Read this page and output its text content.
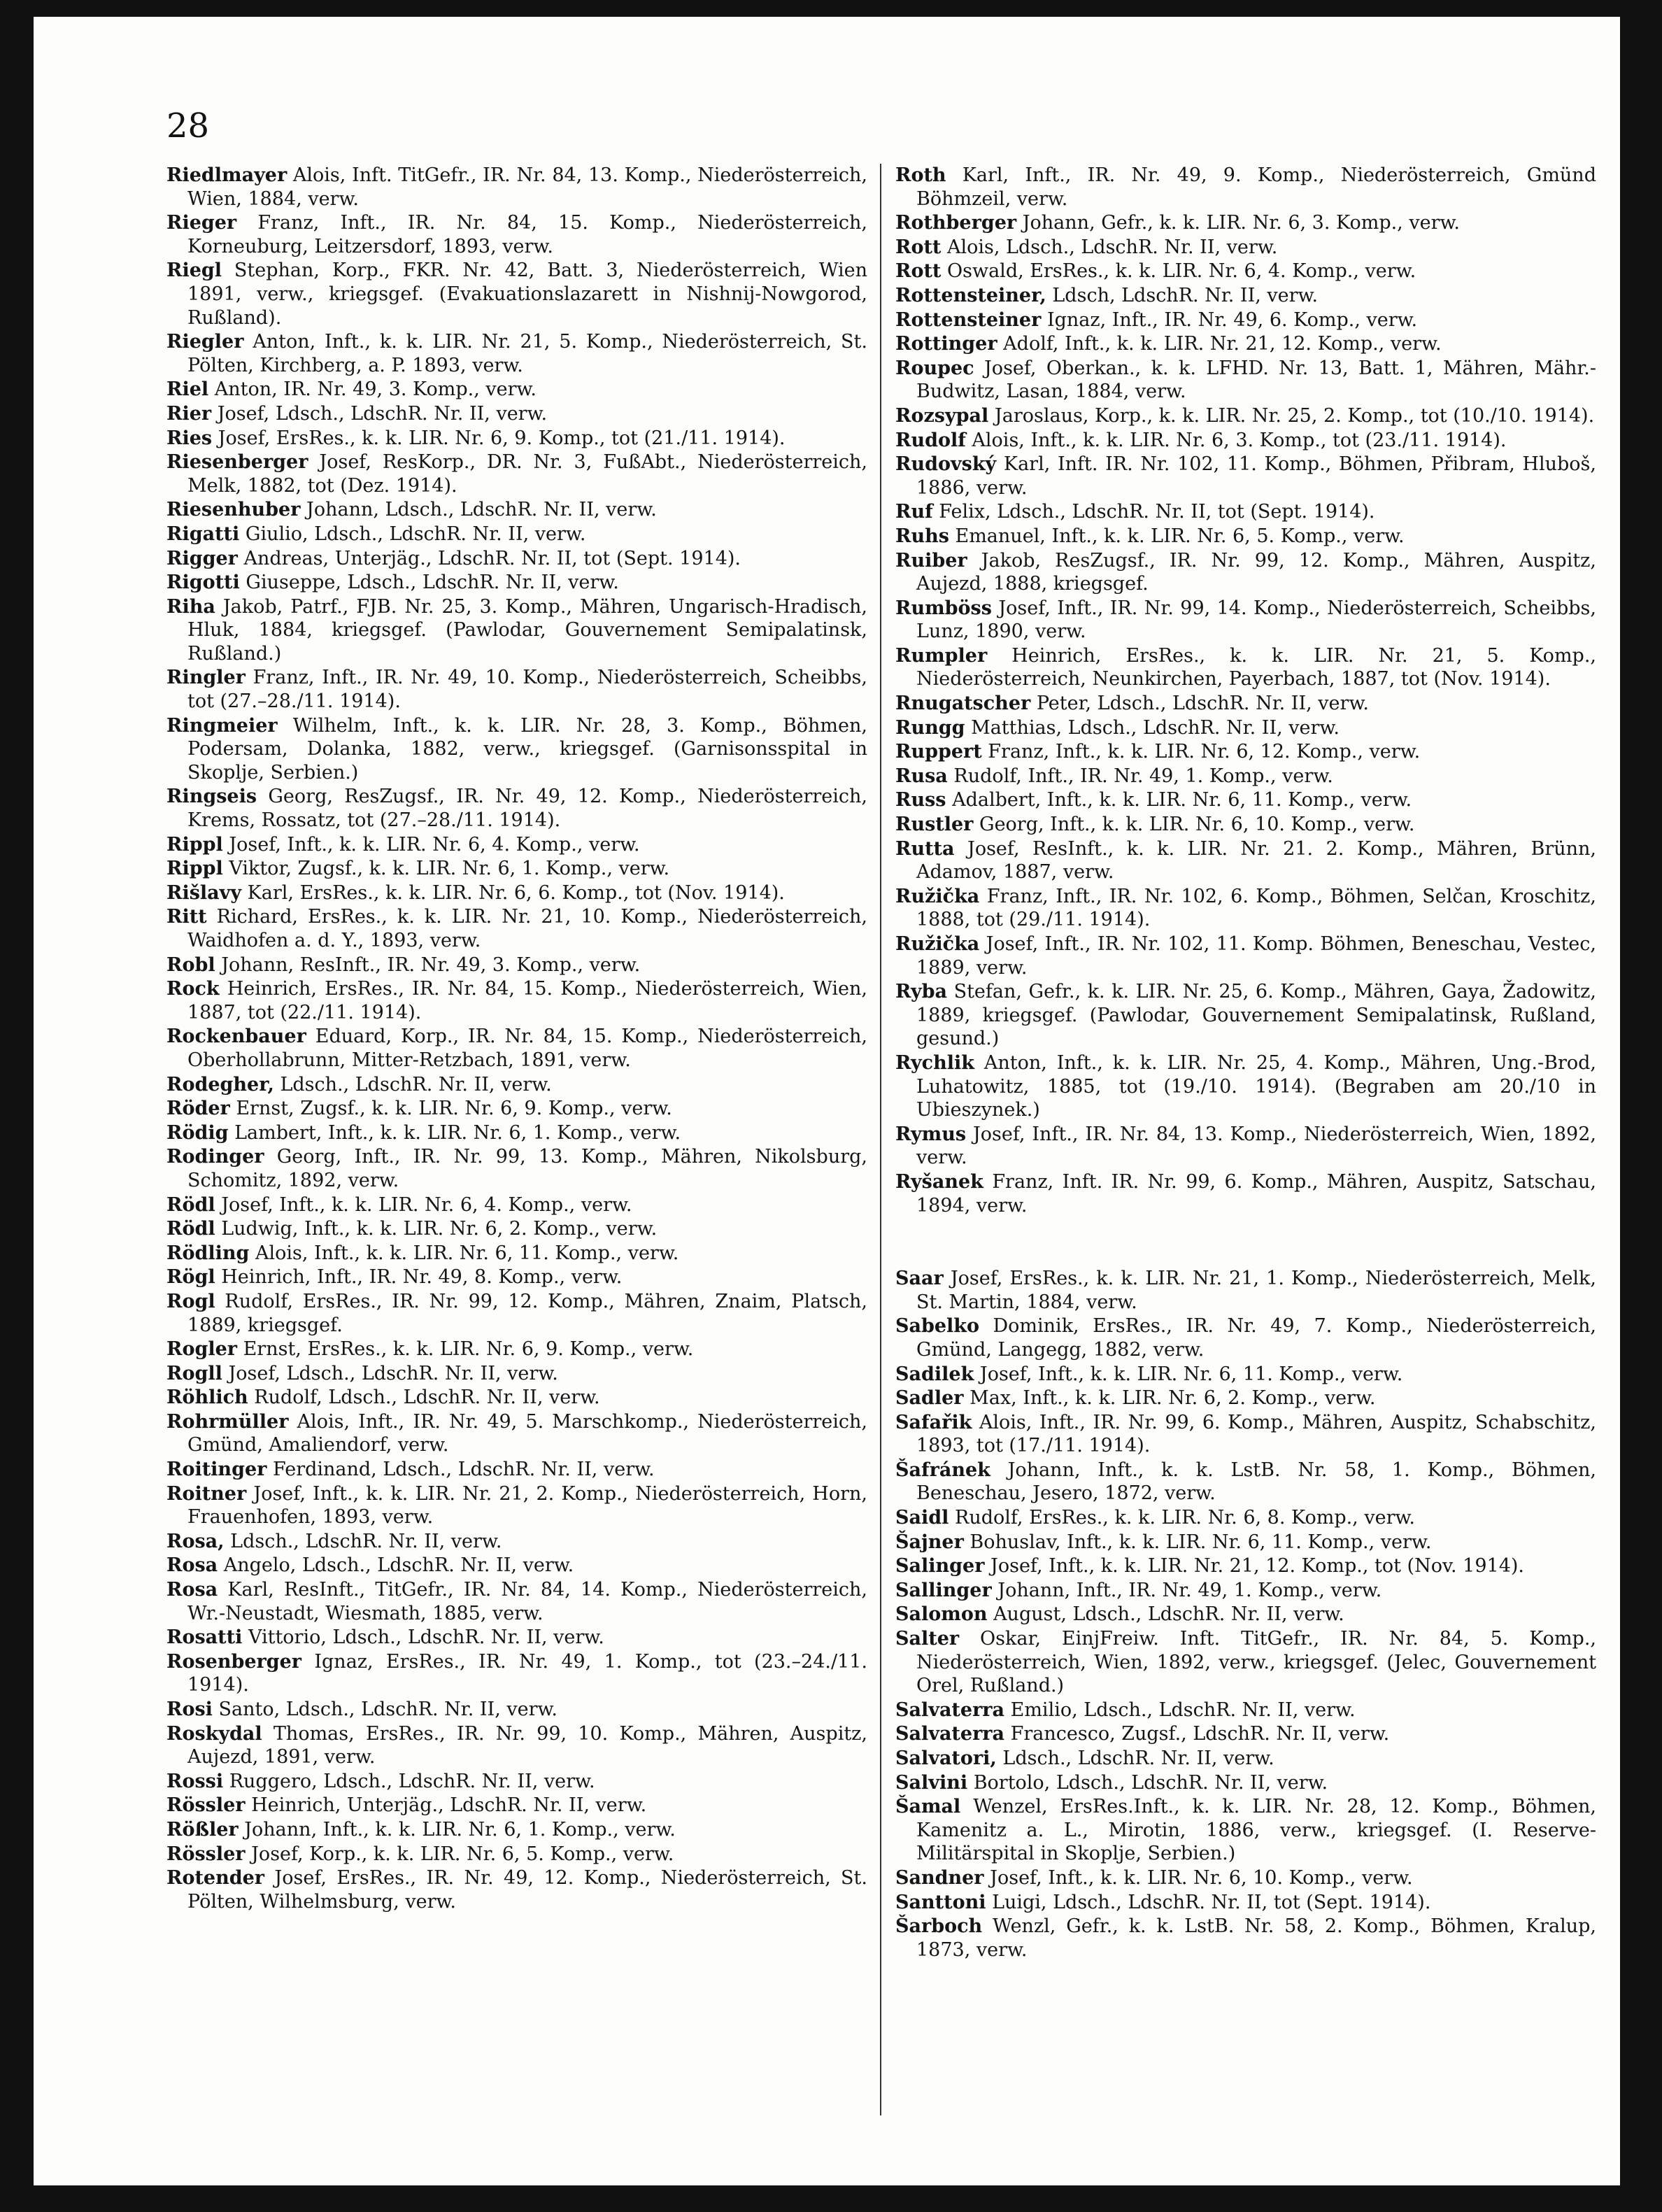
28
Riedlmayer Alois, Inft. TitGefr., IR. Nr. 84, 13. Komp., Niederösterreich, Wien, 1884, verw.
Rieger Franz, Inft., IR. Nr. 84, 15. Komp., Niederösterreich, Korneuburg, Leitzersdorf, 1893, verw.
Riegl Stephan, Korp., FKR. Nr. 42, Batt. 3, Niederösterreich, Wien 1891, verw., kriegsgef. (Evakuationslazarett in Nishnij-Nowgorod, Rußland).
Riegler Anton, Inft., k. k. LIR. Nr. 21, 5. Komp., Niederösterreich, St. Pölten, Kirchberg, a. P. 1893, verw.
Riel Anton, IR. Nr. 49, 3. Komp., verw.
Rier Josef, Ldsch., LdschR. Nr. II, verw.
Ries Josef, ErsRes., k. k. LIR. Nr. 6, 9. Komp., tot (21./11. 1914).
Riesenberger Josef, ResKorp., DR. Nr. 3, FußAbt., Niederösterreich, Melk, 1882, tot (Dez. 1914).
Riesenhuber Johann, Ldsch., LdschR. Nr. II, verw.
Rigatti Giulio, Ldsch., LdschR. Nr. II, verw.
Rigger Andreas, Unterjäg., LdschR. Nr. II, tot (Sept. 1914).
Rigotti Giuseppe, Ldsch., LdschR. Nr. II, verw.
Riha Jakob, Patrf., FJB. Nr. 25, 3. Komp., Mähren, Ungarisch-Hradisch, Hluk, 1884, kriegsgef. (Pawlodar, Gouvernement Semipalatinsk, Rußland.)
Ringler Franz, Inft., IR. Nr. 49, 10. Komp., Niederösterreich, Scheibbs, tot (27.–28./11. 1914).
Ringmeier Wilhelm, Inft., k. k. LIR. Nr. 28, 3. Komp., Böhmen, Podersam, Dolanka, 1882, verw., kriegsgef. (Garnisonsspital in Skoplje, Serbien.)
Ringseis Georg, ResZugsf., IR. Nr. 49, 12. Komp., Niederösterreich, Krems, Rossatz, tot (27.–28./11. 1914).
Rippl Josef, Inft., k. k. LIR. Nr. 6, 4. Komp., verw.
Rippl Viktor, Zugsf., k. k. LIR. Nr. 6, 1. Komp., verw.
Rišlavy Karl, ErsRes., k. k. LIR. Nr. 6, 6. Komp., tot (Nov. 1914).
Ritt Richard, ErsRes., k. k. LIR. Nr. 21, 10. Komp., Niederösterreich, Waidhofen a. d. Y., 1893, verw.
Robl Johann, ResInft., IR. Nr. 49, 3. Komp., verw.
Rock Heinrich, ErsRes., IR. Nr. 84, 15. Komp., Niederösterreich, Wien, 1887, tot (22./11. 1914).
Rockenbauer Eduard, Korp., IR. Nr. 84, 15. Komp., Niederösterreich, Oberhollabrunn, Mitter-Retzbach, 1891, verw.
Rodegher, Ldsch., LdschR. Nr. II, verw.
Röder Ernst, Zugsf., k. k. LIR. Nr. 6, 9. Komp., verw.
Rödig Lambert, Inft., k. k. LIR. Nr. 6, 1. Komp., verw.
Rodinger Georg, Inft., IR. Nr. 99, 13. Komp., Mähren, Nikolsburg, Schomitz, 1892, verw.
Rödl Josef, Inft., k. k. LIR. Nr. 6, 4. Komp., verw.
Rödl Ludwig, Inft., k. k. LIR. Nr. 6, 2. Komp., verw.
Rödling Alois, Inft., k. k. LIR. Nr. 6, 11. Komp., verw.
Rögl Heinrich, Inft., IR. Nr. 49, 8. Komp., verw.
Rogl Rudolf, ErsRes., IR. Nr. 99, 12. Komp., Mähren, Znaim, Platsch, 1889, kriegsgef.
Rogler Ernst, ErsRes., k. k. LIR. Nr. 6, 9. Komp., verw.
Rogll Josef, Ldsch., LdschR. Nr. II, verw.
Röhlich Rudolf, Ldsch., LdschR. Nr. II, verw.
Rohrmüller Alois, Inft., IR. Nr. 49, 5. Marschkomp., Niederösterreich, Gmünd, Amaliendorf, verw.
Roitinger Ferdinand, Ldsch., LdschR. Nr. II, verw.
Roitner Josef, Inft., k. k. LIR. Nr. 21, 2. Komp., Niederösterreich, Horn, Frauenhofen, 1893, verw.
Rosa, Ldsch., LdschR. Nr. II, verw.
Rosa Angelo, Ldsch., LdschR. Nr. II, verw.
Rosa Karl, ResInft., TitGefr., IR. Nr. 84, 14. Komp., Niederösterreich, Wr.-Neustadt, Wiesmath, 1885, verw.
Rosatti Vittorio, Ldsch., LdschR. Nr. II, verw.
Rosenberger Ignaz, ErsRes., IR. Nr. 49, 1. Komp., tot (23.–24./11. 1914).
Rosi Santo, Ldsch., LdschR. Nr. II, verw.
Roskydal Thomas, ErsRes., IR. Nr. 99, 10. Komp., Mähren, Auspitz, Aujezd, 1891, verw.
Rossi Ruggero, Ldsch., LdschR. Nr. II, verw.
Rössler Heinrich, Unterjäg., LdschR. Nr. II, verw.
Rößler Johann, Inft., k. k. LIR. Nr. 6, 1. Komp., verw.
Rössler Josef, Korp., k. k. LIR. Nr. 6, 5. Komp., verw.
Rotender Josef, ErsRes., IR. Nr. 49, 12. Komp., Niederösterreich, St. Pölten, Wilhelmsburg, verw.
Roth Karl, Inft., IR. Nr. 49, 9. Komp., Niederösterreich, Gmünd Böhmzeil, verw.
Rothberger Johann, Gefr., k. k. LIR. Nr. 6, 3. Komp., verw.
Rott Alois, Ldsch., LdschR. Nr. II, verw.
Rott Oswald, ErsRes., k. k. LIR. Nr. 6, 4. Komp., verw.
Rottensteiner, Ldsch, LdschR. Nr. II, verw.
Rottensteiner Ignaz, Inft., IR. Nr. 49, 6. Komp., verw.
Rottinger Adolf, Inft., k. k. LIR. Nr. 21, 12. Komp., verw.
Roupec Josef, Oberkan., k. k. LFHD. Nr. 13, Batt. 1, Mähren, Mähr.-Budwitz, Lasan, 1884, verw.
Rozsypal Jaroslaus, Korp., k. k. LIR. Nr. 25, 2. Komp., tot (10./10. 1914).
Rudolf Alois, Inft., k. k. LIR. Nr. 6, 3. Komp., tot (23./11. 1914).
Rudovský Karl, Inft. IR. Nr. 102, 11. Komp., Böhmen, Přibram, Hluboš, 1886, verw.
Ruf Felix, Ldsch., LdschR. Nr. II, tot (Sept. 1914).
Ruhs Emanuel, Inft., k. k. LIR. Nr. 6, 5. Komp., verw.
Ruiber Jakob, ResZugsf., IR. Nr. 99, 12. Komp., Mähren, Auspitz, Aujezd, 1888, kriegsgef.
Rumböss Josef, Inft., IR. Nr. 99, 14. Komp., Niederösterreich, Scheibbs, Lunz, 1890, verw.
Rumpler Heinrich, ErsRes., k. k. LIR. Nr. 21, 5. Komp., Niederösterreich, Neunkirchen, Payerbach, 1887, tot (Nov. 1914).
Rnugatscher Peter, Ldsch., LdschR. Nr. II, verw.
Rungg Matthias, Ldsch., LdschR. Nr. II, verw.
Ruppert Franz, Inft., k. k. LIR. Nr. 6, 12. Komp., verw.
Rusa Rudolf, Inft., IR. Nr. 49, 1. Komp., verw.
Russ Adalbert, Inft., k. k. LIR. Nr. 6, 11. Komp., verw.
Rustler Georg, Inft., k. k. LIR. Nr. 6, 10. Komp., verw.
Rutta Josef, ResInft., k. k. LIR. Nr. 21. 2. Komp., Mähren, Brünn, Adamov, 1887, verw.
Ružička Franz, Inft., IR. Nr. 102, 6. Komp., Böhmen, Selčan, Kroschitz, 1888, tot (29./11. 1914).
Ružička Josef, Inft., IR. Nr. 102, 11. Komp. Böhmen, Beneschau, Vestec, 1889, verw.
Ryba Stefan, Gefr., k. k. LIR. Nr. 25, 6. Komp., Mähren, Gaya, Žadowitz, 1889, kriegsgef. (Pawlodar, Gouvernement Semipalatinsk, Rußland, gesund.)
Rychlik Anton, Inft., k. k. LIR. Nr. 25, 4. Komp., Mähren, Ung.-Brod, Luhatowitz, 1885, tot (19./10. 1914). (Begraben am 20./10 in Ubieszynek.)
Rymus Josef, Inft., IR. Nr. 84, 13. Komp., Niederösterreich, Wien, 1892, verw.
Ryšanek Franz, Inft. IR. Nr. 99, 6. Komp., Mähren, Auspitz, Satschau, 1894, verw.
Saar Josef, ErsRes., k. k. LIR. Nr. 21, 1. Komp., Niederösterreich, Melk, St. Martin, 1884, verw.
Sabelko Dominik, ErsRes., IR. Nr. 49, 7. Komp., Niederösterreich, Gmünd, Langegg, 1882, verw.
Sadilek Josef, Inft., k. k. LIR. Nr. 6, 11. Komp., verw.
Sadler Max, Inft., k. k. LIR. Nr. 6, 2. Komp., verw.
Safařik Alois, Inft., IR. Nr. 99, 6. Komp., Mähren, Auspitz, Schabschitz, 1893, tot (17./11. 1914).
Šafránek Johann, Inft., k. k. LstB. Nr. 58, 1. Komp., Böhmen, Beneschau, Jesero, 1872, verw.
Saidl Rudolf, ErsRes., k. k. LIR. Nr. 6, 8. Komp., verw.
Šajner Bohuslav, Inft., k. k. LIR. Nr. 6, 11. Komp., verw.
Salinger Josef, Inft., k. k. LIR. Nr. 21, 12. Komp., tot (Nov. 1914).
Sallinger Johann, Inft., IR. Nr. 49, 1. Komp., verw.
Salomon August, Ldsch., LdschR. Nr. II, verw.
Salter Oskar, EinjFreiw. Inft. TitGefr., IR. Nr. 84, 5. Komp., Niederösterreich, Wien, 1892, verw., kriegsgef. (Jelec, Gouvernement Orel, Rußland.)
Salvaterra Emilio, Ldsch., LdschR. Nr. II, verw.
Salvaterra Francesco, Zugsf., LdschR. Nr. II, verw.
Salvatori, Ldsch., LdschR. Nr. II, verw.
Salvini Bortolo, Ldsch., LdschR. Nr. II, verw.
Šamal Wenzel, ErsRes.Inft., k. k. LIR. Nr. 28, 12. Komp., Böhmen, Kamenitz a. L., Mirotin, 1886, verw., kriegsgef. (I. Reserve-Militärspital in Skoplje, Serbien.)
Sandner Josef, Inft., k. k. LIR. Nr. 6, 10. Komp., verw.
Santtoni Luigi, Ldsch., LdschR. Nr. II, tot (Sept. 1914).
Šarboch Wenzl, Gefr., k. k. LstB. Nr. 58, 2. Komp., Böhmen, Kralup, 1873, verw.
